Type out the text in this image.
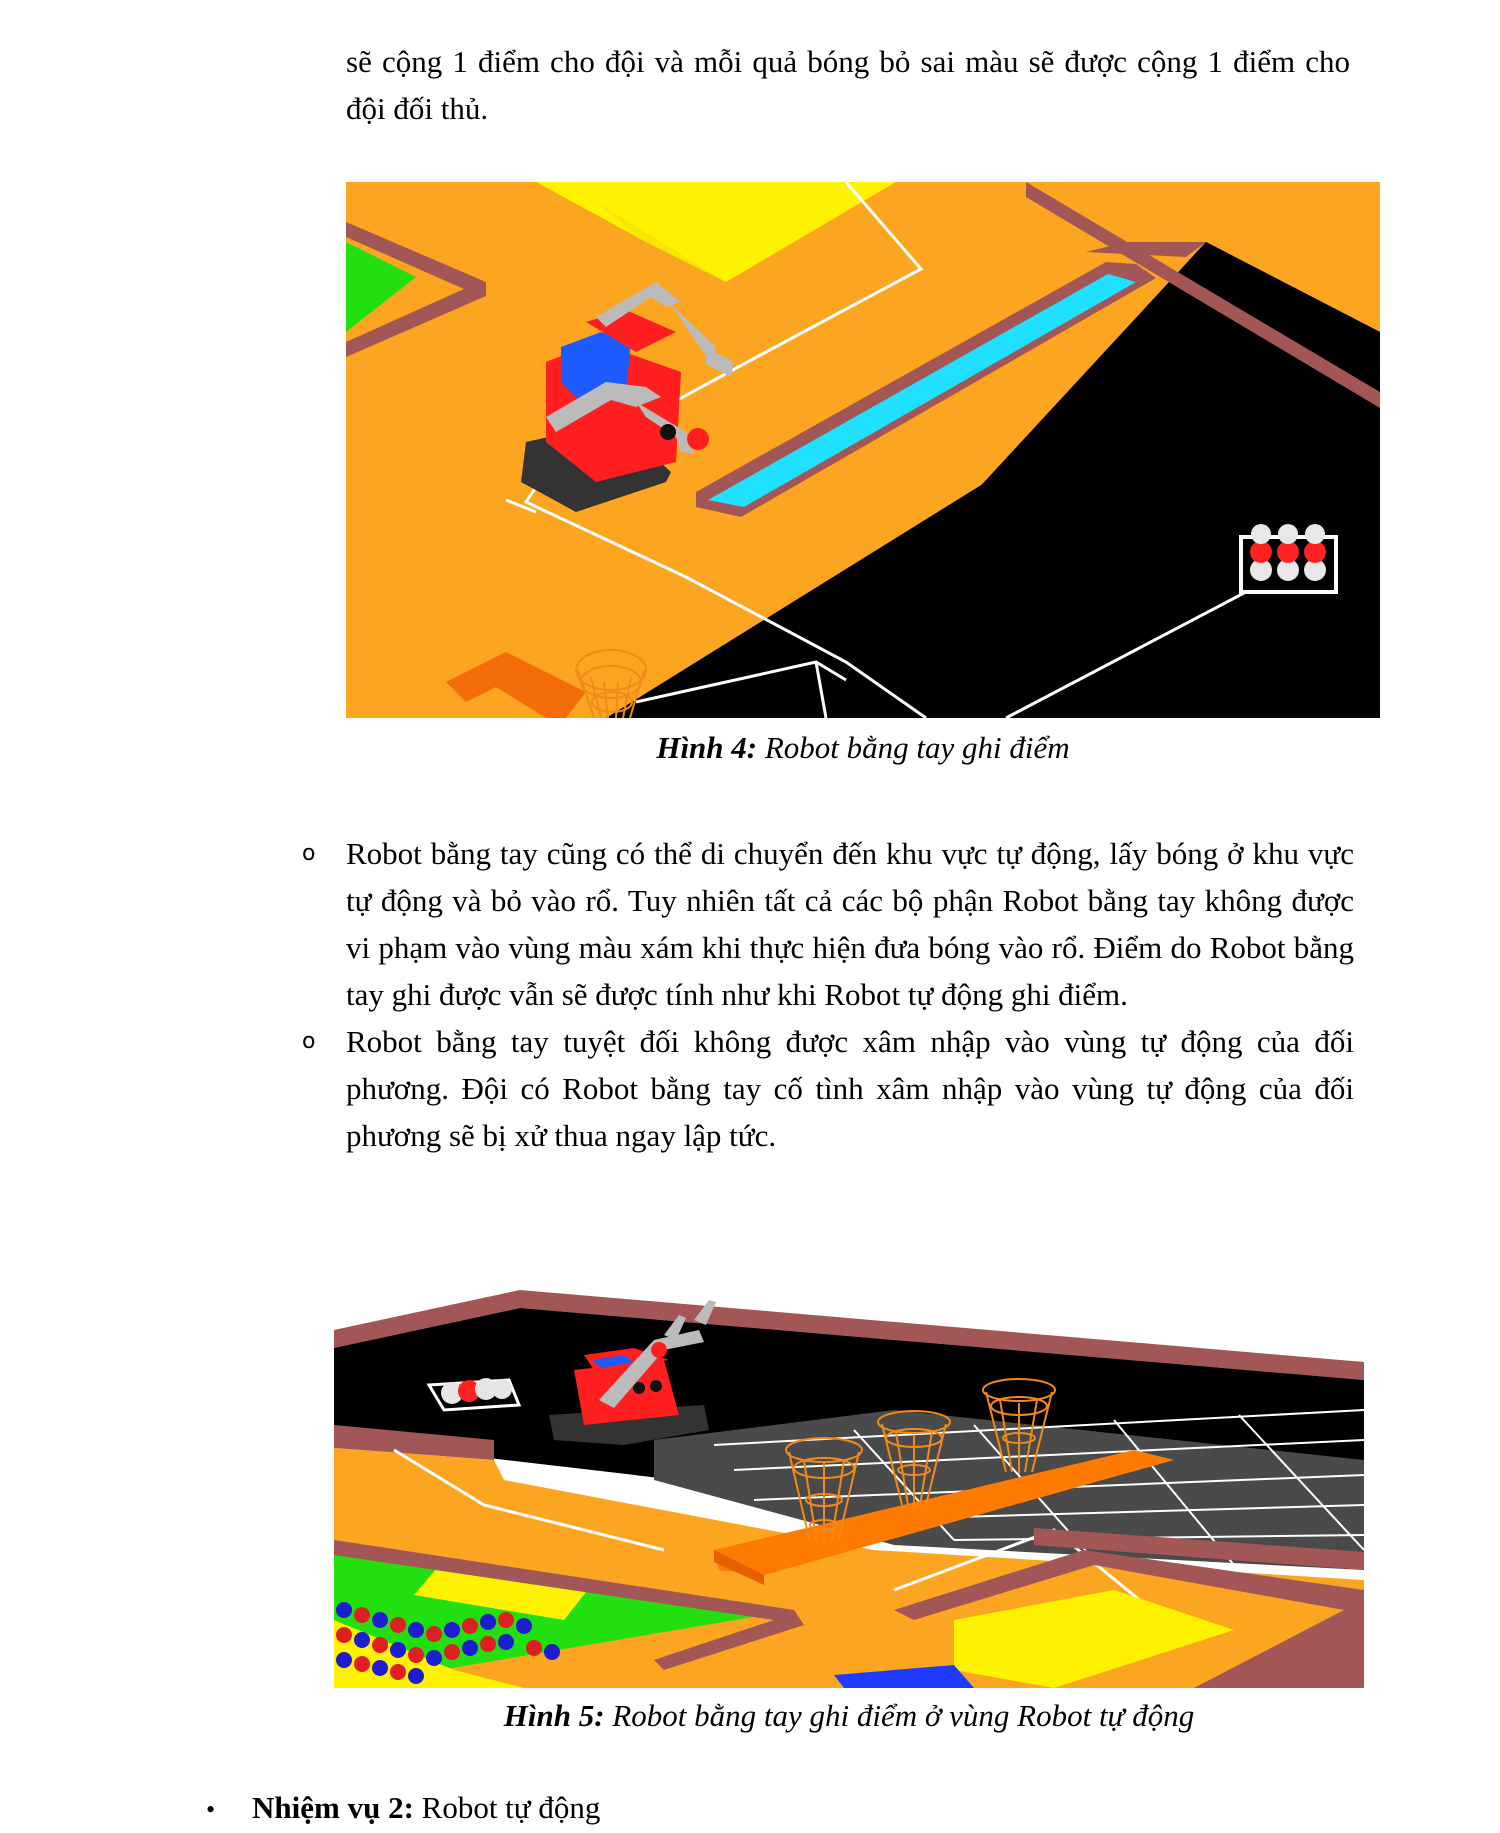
sẽ cộng 1 điểm cho đội và mỗi quả bóng bỏ sai màu sẽ được cộng 1 điểm cho đội đối thủ.

Hình 4: Robot bằng tay ghi điểm
o Robot bằng tay cũng có thể di chuyển đến khu vực tự động, lấy bóng ở khu vực tự động và bỏ vào rổ. Tuy nhiên tất cả các bộ phận Robot bằng tay không được vi phạm vào vùng màu xám khi thực hiện đưa bóng vào rổ. Điểm do Robot bằng tay ghi được vẫn sẽ được tính như khi Robot tự động ghi điểm.
o Robot bằng tay tuyệt đối không được xâm nhập vào vùng tự động của đối phương. Đội có Robot bằng tay cố tình xâm nhập vào vùng tự động của đối phương sẽ bị xử thua ngay lập tức.
Hình 5: Robot bằng tay ghi điểm ở vùng Robot tự động
• Nhiệm vụ 2: Robot tự động
